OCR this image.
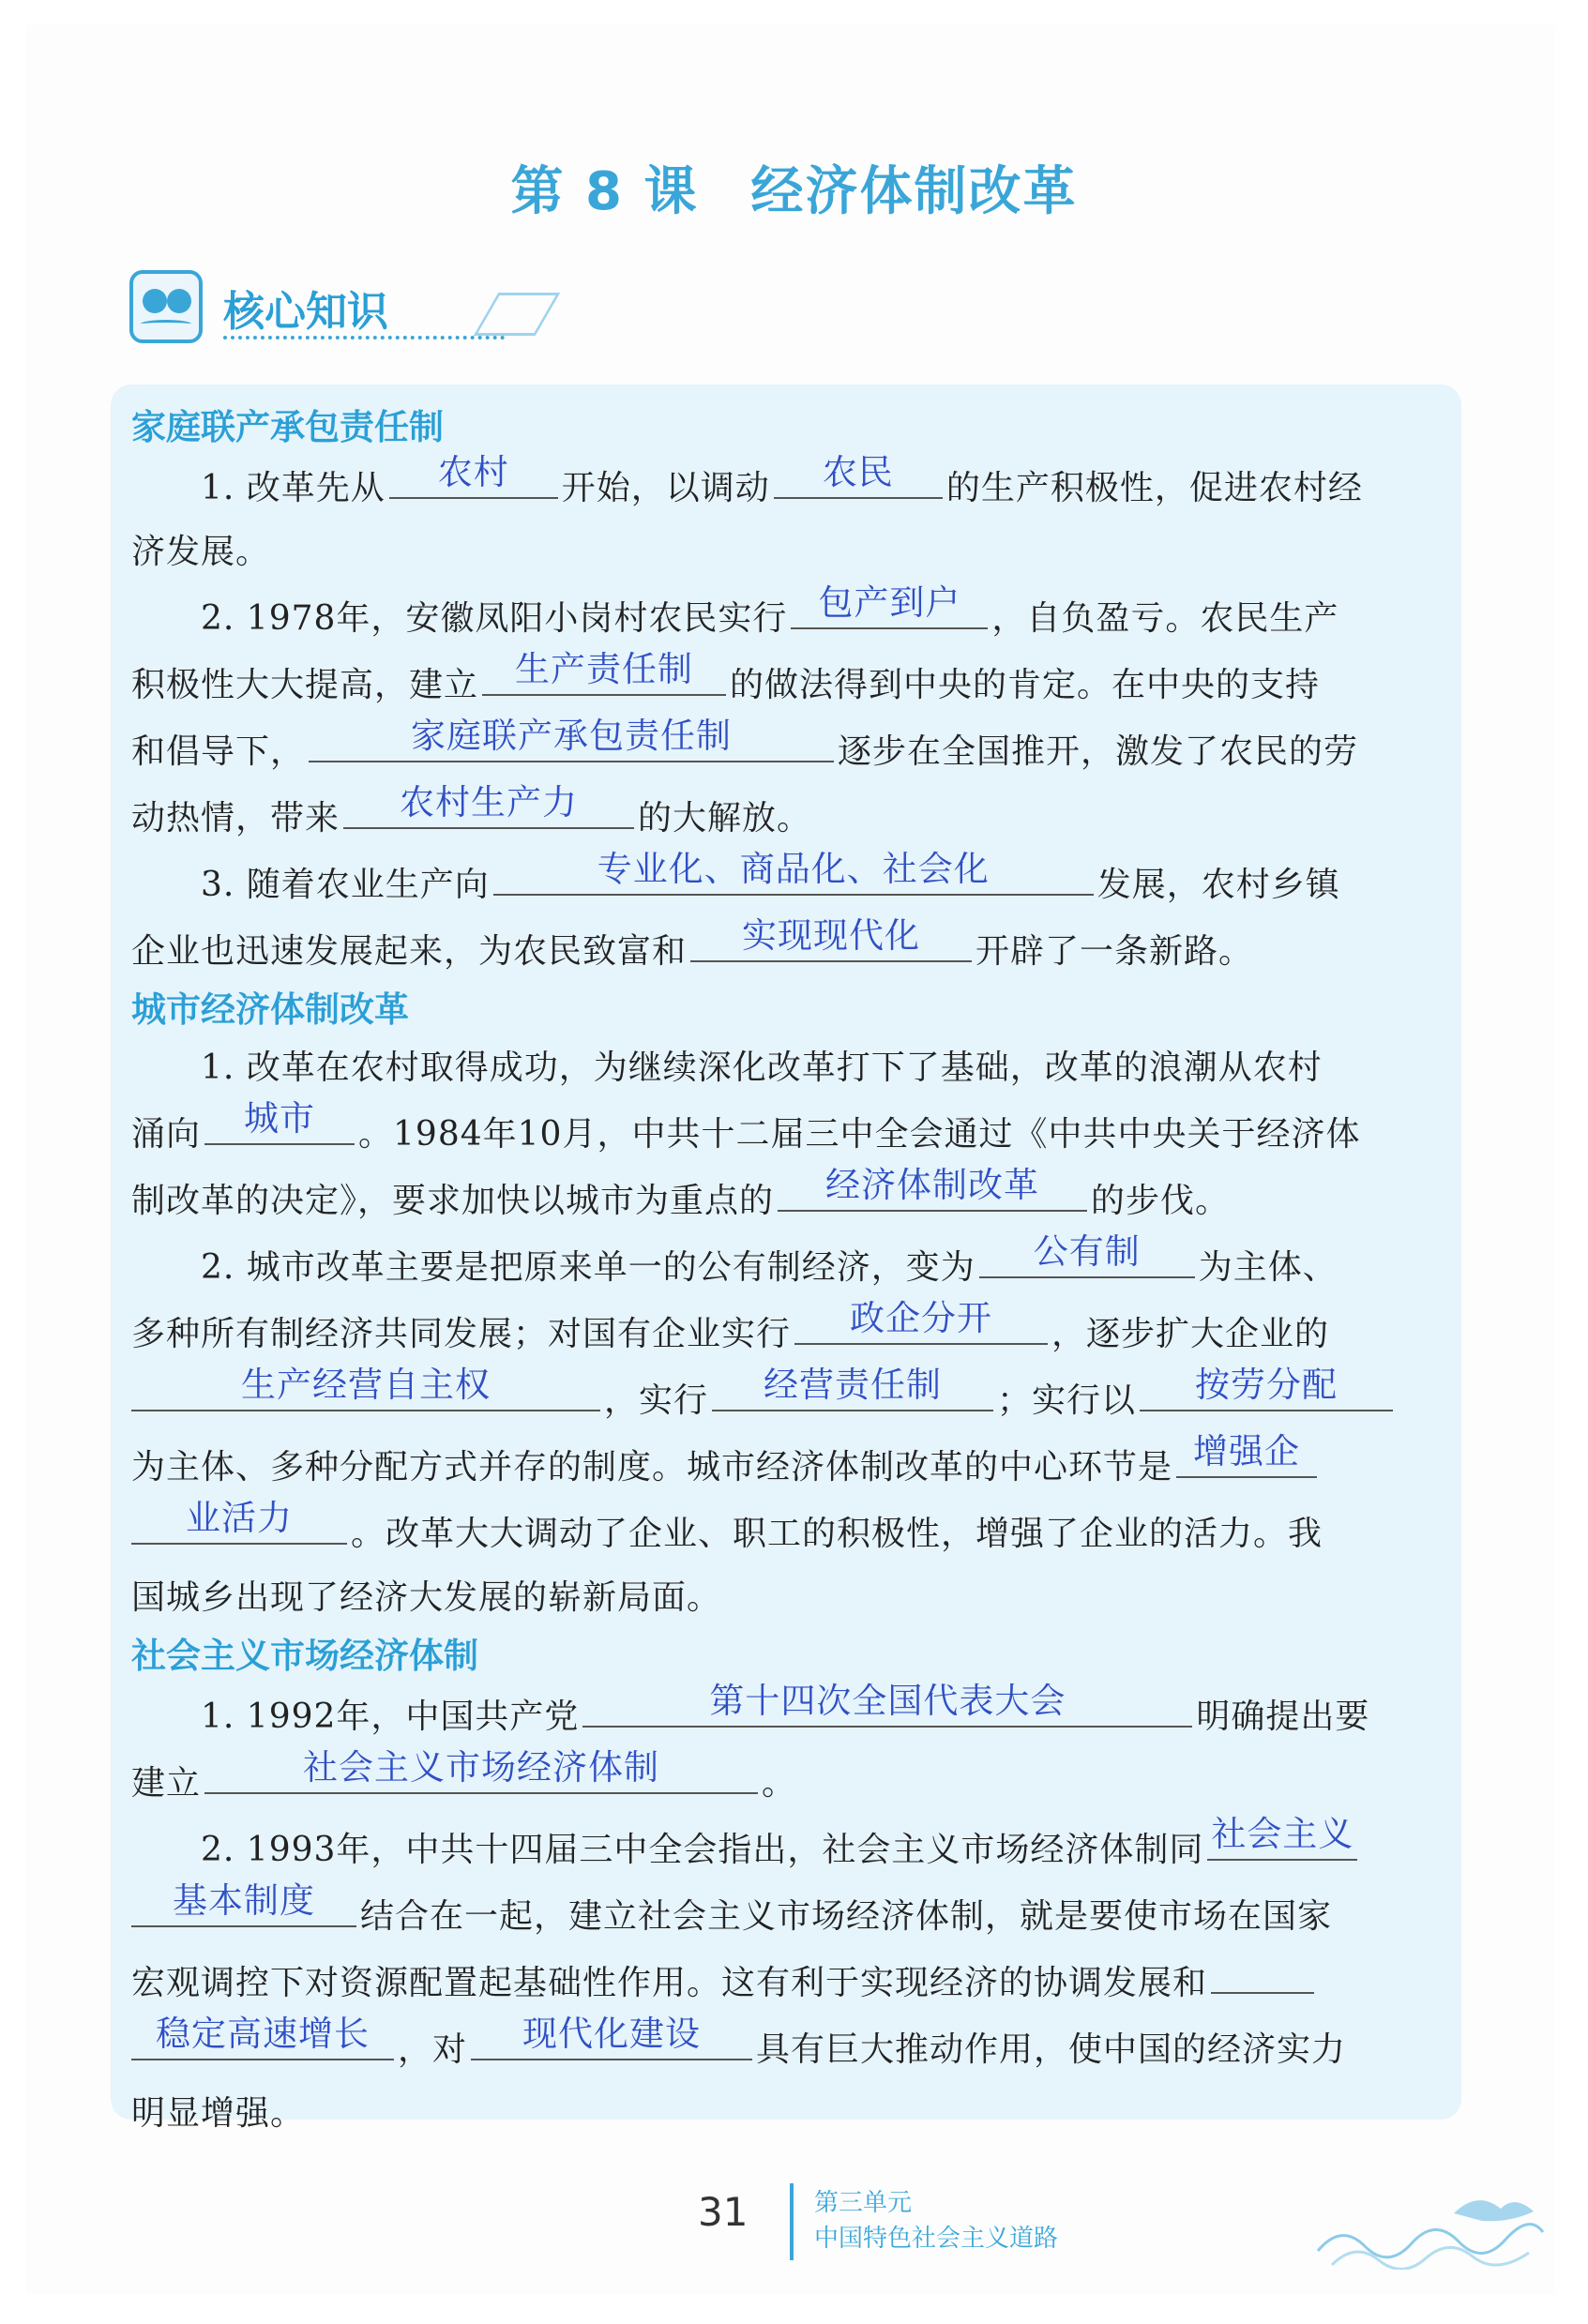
第 8 课 经济体制改革
核心知识
家庭联产承包责任制
1. 改革先从	农村	开始，以调动	农民	的生产积极性，促进农村经
济发展。
2. 1978年，安徽凤阳小岗村农民实行 包产到户 ，自负盈亏。农民生产
积极性大大提高，建立	生产责任制	的做法得到中央的肯定。在中央的支持
和倡导下，	家庭联产承包责任制	逐步在全国推开，激发了农民的劳
动热情，带来	农村生产力	的大解放。
3. 随着农业生产向	专业化、商品化、社会化	发展，农村乡镇
企业也迅速发展起来，为农民致富和	实现现代化	开辟了一条新路。
城市经济体制改革
1. 改革在农村取得成功，为继续深化改革打下了基础，改革的浪潮从农村
涌向	城市	。1984年10月，中共十二届三中全会通过《中共中央关于经济体
制改革的决定》，要求加快以城市为重点的	经济体制改革	的步伐。
2. 城市改革主要是把原来单一的公有制经济，变为	公有制	为主体、
多种所有制经济共同发展；对国有企业实行	政企分开	，逐步扩大企业的
生产经营自主权	，实行	经营责任制	；实行以	按劳分配
为主体、多种分配方式并存的制度。城市经济体制改革的中心环节是 增强企
业活力	。改革大大调动了企业、职工的积极性，增强了企业的活力。我
国城乡出现了经济大发展的崭新局面。
社会主义市场经济体制
1. 1992年，中国共产党	第十四次全国代表大会	明确提出要
建立	社会主义市场经济体制	。
2. 1993年，中共十四届三中全会指出，社会主义市场经济体制同 社会主义
基本制度	结合在一起，建立社会主义市场经济体制，就是要使市场在国家
宏观调控下对资源配置起基础性作用。这有利于实现经济的协调发展和
稳定高速增长 ，对	现代化建设	具有巨大推动作用，使中国的经济实力
明显增强。
31	第三单元
中国特色社会主义道路
